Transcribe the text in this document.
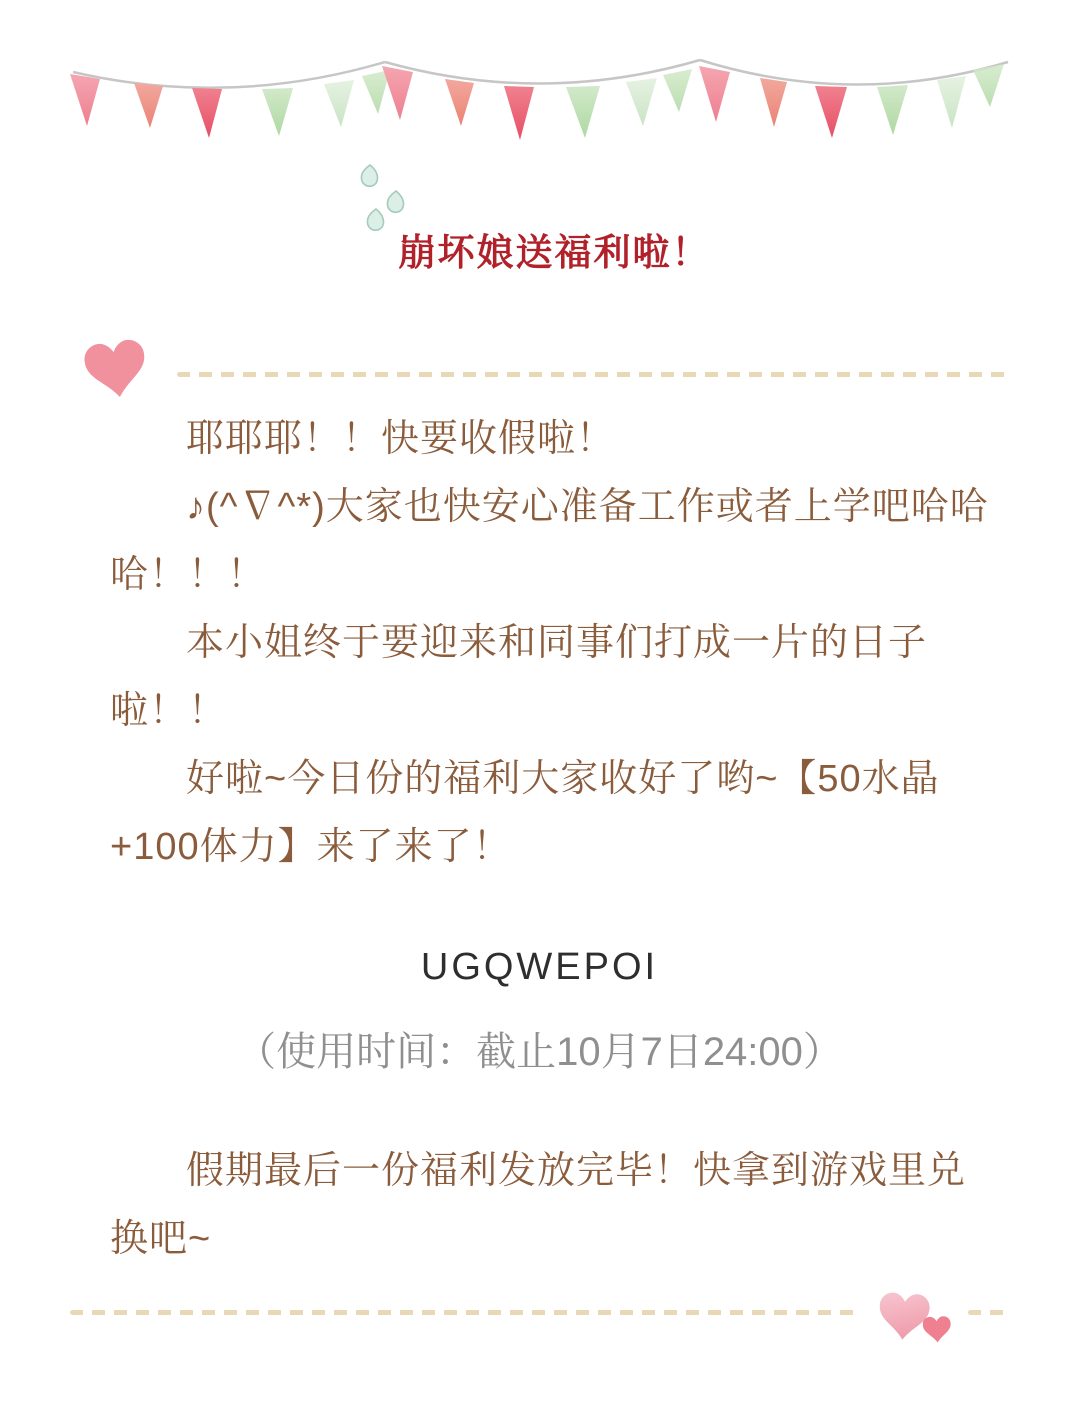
崩坏娘送福利啦！
耶耶耶！！快要收假啦！
♪(^∇^*)大家也快安心准备工作或者上学吧哈哈
哈！！！
本小姐终于要迎来和同事们打成一片的日子
啦！！
好啦~今日份的福利大家收好了哟~【50水晶
+100体力】来了来了！
UGQWEPOI
（使用时间：截止10月7日24:00）
假期最后一份福利发放完毕！快拿到游戏里兑
换吧~
